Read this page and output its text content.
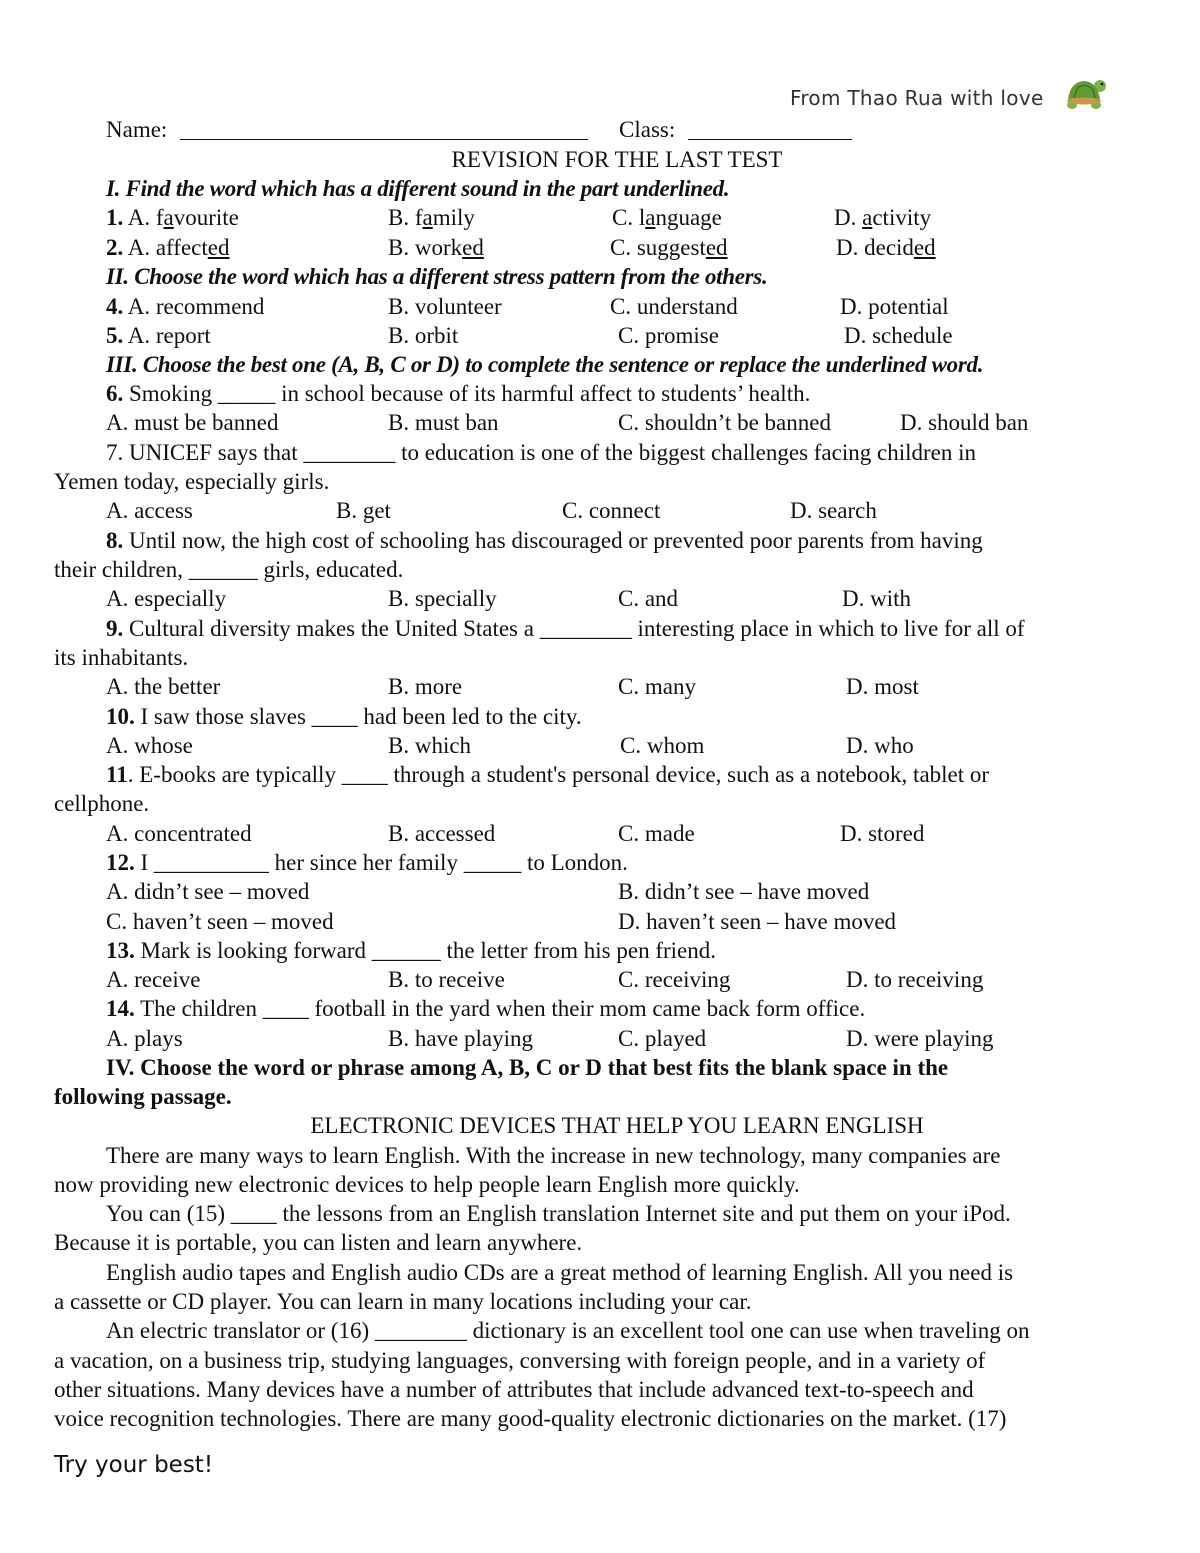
From Thao Rua with love
Name:	Class:
REVISION FOR THE LAST TEST
I. Find the word which has a different sound in the part underlined.
1. A. favourite	B. family	C. language	D. activity
2. A. affected	B. worked	C. suggested	D. decided
II. Choose the word which has a different stress pattern from the others.
4. A. recommend	B. volunteer	C. understand	D. potential
5. A. report	B. orbit	C. promise	D. schedule
III. Choose the best one (A, B, C or D) to complete the sentence or replace the underlined word.
6. Smoking _____ in school because of its harmful affect to students’ health.
A. must be banned	B. must ban	C. shouldn’t be banned	D. should ban
7. UNICEF says that ________ to education is one of the biggest challenges facing children in
Yemen today, especially girls.
A. access	B. get	C. connect	D. search
8. Until now, the high cost of schooling has discouraged or prevented poor parents from having
their children, ______ girls, educated.
A. especially	B. specially	C. and	D. with
9. Cultural diversity makes the United States a ________ interesting place in which to live for all of
its inhabitants.
A. the better	B. more	C. many	D. most
10. I saw those slaves ____ had been led to the city.
A. whose	B. which	C. whom	D. who
11. E-books are typically ____ through a student's personal device, such as a notebook, tablet or
cellphone.
A. concentrated	B. accessed	C. made	D. stored
12. I __________ her since her family _____ to London.
A. didn’t see – moved	B. didn’t see – have moved
C. haven’t seen – moved	D. haven’t seen – have moved
13. Mark is looking forward ______ the letter from his pen friend.
A. receive	B. to receive	C. receiving	D. to receiving
14. The children ____ football in the yard when their mom came back form office.
A. plays	B. have playing	C. played	D. were playing
IV. Choose the word or phrase among A, B, C or D that best fits the blank space in the
following passage.
ELECTRONIC DEVICES THAT HELP YOU LEARN ENGLISH
There are many ways to learn English. With the increase in new technology, many companies are
now providing new electronic devices to help people learn English more quickly.
You can (15) ____ the lessons from an English translation Internet site and put them on your iPod.
Because it is portable, you can listen and learn anywhere.
English audio tapes and English audio CDs are a great method of learning English. All you need is
a cassette or CD player. You can learn in many locations including your car.
An electric translator or (16) ________ dictionary is an excellent tool one can use when traveling on
a vacation, on a business trip, studying languages, conversing with foreign people, and in a variety of
other situations. Many devices have a number of attributes that include advanced text-to-speech and
voice recognition technologies. There are many good-quality electronic dictionaries on the market. (17)
Try your best!
